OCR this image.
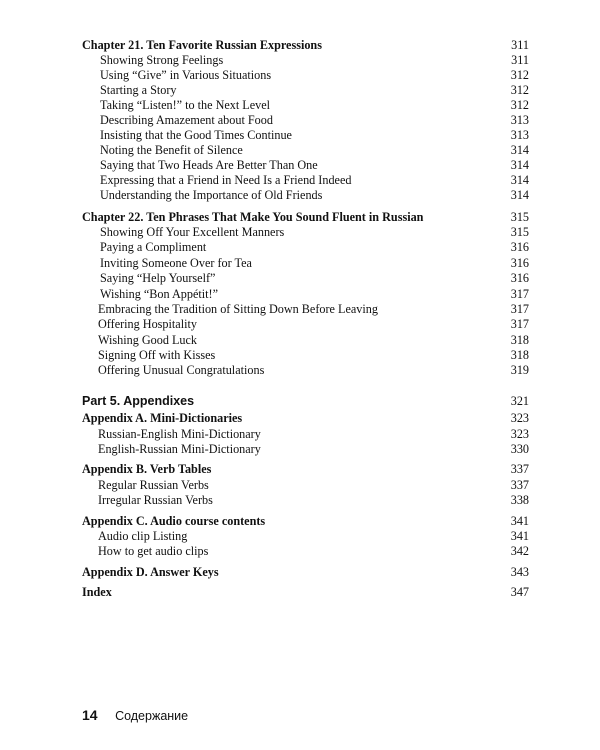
Chapter 21. Ten Favorite Russian Expressions	311
Showing Strong Feelings	311
Using “Give” in Various Situations	312
Starting a Story	312
Taking “Listen!” to the Next Level	312
Describing Amazement about Food	313
Insisting that the Good Times Continue	313
Noting the Benefit of Silence	314
Saying that Two Heads Are Better Than One	314
Expressing that a Friend in Need Is a Friend Indeed	314
Understanding the Importance of Old Friends	314
Chapter 22. Ten Phrases That Make You Sound Fluent in Russian	315
Showing Off Your Excellent Manners	315
Paying a Compliment	316
Inviting Someone Over for Tea	316
Saying “Help Yourself”	316
Wishing “Bon Appétit!”	317
Embracing the Tradition of Sitting Down Before Leaving	317
Offering Hospitality	317
Wishing Good Luck	318
Signing Off with Kisses	318
Offering Unusual Congratulations	319
Part 5. Appendixes	321
Appendix A. Mini-Dictionaries	323
Russian-English Mini-Dictionary	323
English-Russian Mini-Dictionary	330
Appendix B. Verb Tables	337
Regular Russian Verbs	337
Irregular Russian Verbs	338
Appendix C. Audio course contents	341
Audio clip Listing	341
How to get audio clips	342
Appendix D. Answer Keys	343
Index	347
14 Содержание
